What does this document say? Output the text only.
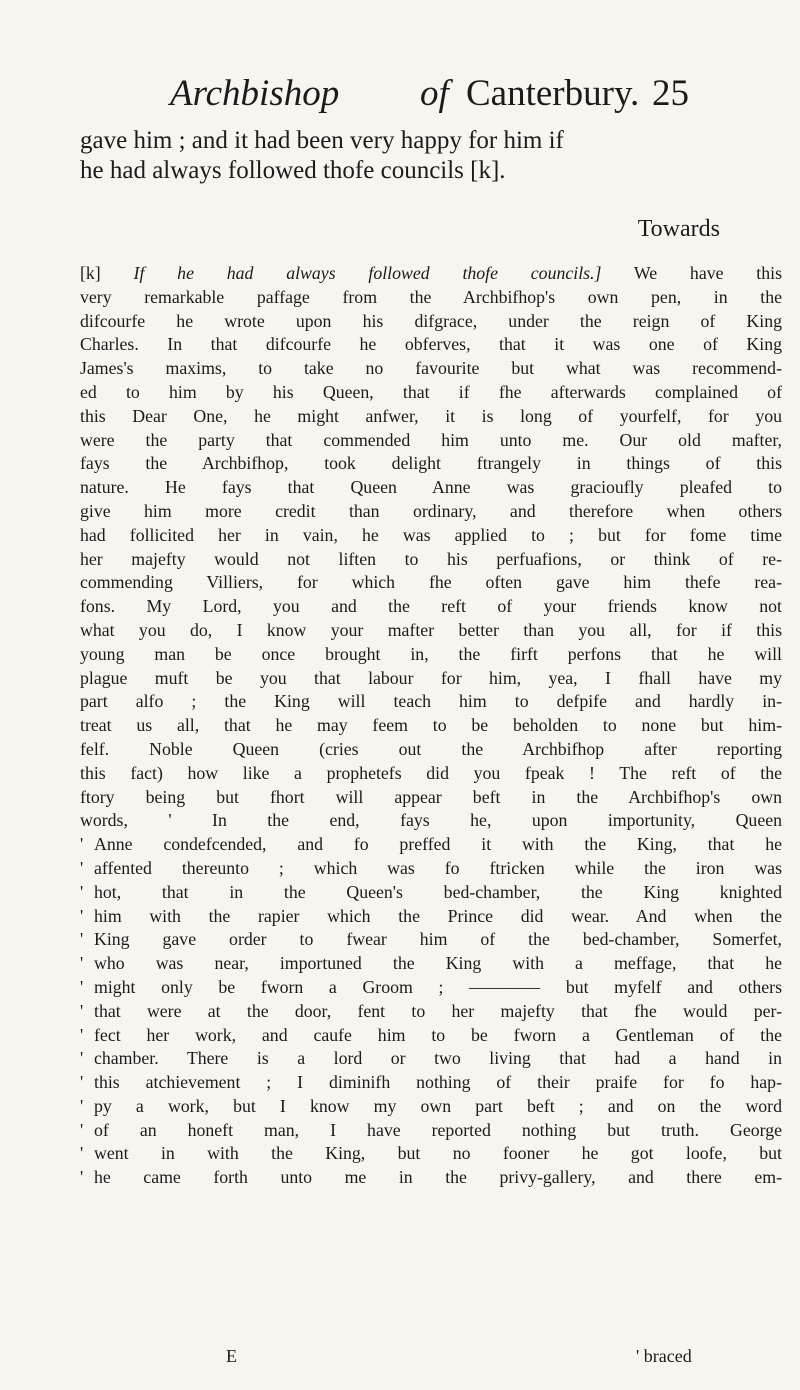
Archbishop of Canterbury. 25
gave him ; and it had been very happy for him if
he had always followed thofe councils [k].
Towards
[k] If he had always followed thofe councils.] We have this
very remarkable paffage from the Archbifhop's own pen, in the
difcourfe he wrote upon his difgrace, under the reign of King
Charles. In that difcourfe he obferves, that it was one of King
James's maxims, to take no favourite but what was recommend-
ed to him by his Queen, that if fhe afterwards complained of
this Dear One, he might anfwer, it is long of yourfelf, for you
were the party that commended him unto me. Our old mafter,
fays the Archbifhop, took delight ftrangely in things of this
nature. He fays that Queen Anne was gracioufly pleafed to
give him more credit than ordinary, and therefore when others
had follicited her in vain, he was applied to ; but for fome time
her majefty would not liften to his perfuafions, or think of re-
commending Villiers, for which fhe often gave him thefe rea-
fons. My Lord, you and the reft of your friends know not
what you do, I know your mafter better than you all, for if this
young man be once brought in, the firft perfons that he will
plague muft be you that labour for him, yea, I fhall have my
part alfo ; the King will teach him to defpife and hardly in-
treat us all, that he may feem to be beholden to none but him-
felf. Noble Queen (cries out the Archbifhop after reporting
this fact) how like a prophetefs did you fpeak ! The reft of the
ftory being but fhort will appear beft in the Archbifhop's own
words, ' In the end, fays he, upon importunity, Queen
' Anne condefcended, and fo preffed it with the King, that he
' affented thereunto ; which was fo ftricken while the iron was
' hot, that in the Queen's bed-chamber, the King knighted
' him with the rapier which the Prince did wear. And when the
' King gave order to fwear him of the bed-chamber, Somerfet,
' who was near, importuned the King with a meffage, that he
' might only be fworn a Groom ; ———— but myfelf and others
' that were at the door, fent to her majefty that fhe would per-
' fect her work, and caufe him to be fworn a Gentleman of the
' chamber. There is a lord or two living that had a hand in
' this atchievement ; I diminifh nothing of their praife for fo hap-
' py a work, but I know my own part beft ; and on the word
' of an honeft man, I have reported nothing but truth. George
' went in with the King, but no fooner he got loofe, but
' he came forth unto me in the privy-gallery, and there em-
E	' braced
